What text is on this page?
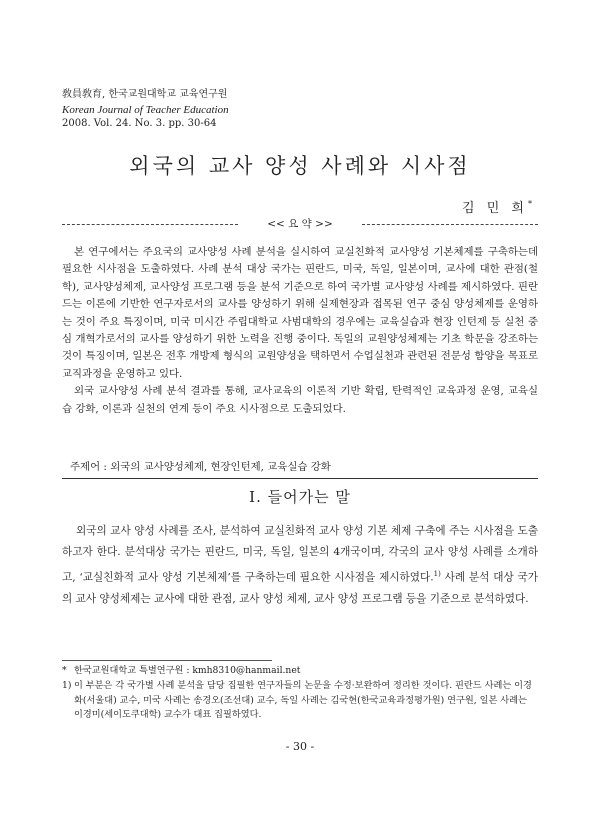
敎員敎育, 한국교원대학교 교육연구원
Korean Journal of Teacher Education
2008. Vol. 24. No. 3. pp. 30-64
외국의 교사 양성 사례와 시사점
김 민 희*
<< 요 약 >>

본 연구에서는 주요국의 교사양성 사례 분석을 실시하여 교실친화적 교사양성 기본체제를 구축하는데 필요한 시사점을 도출하였다. 사례 분석 대상 국가는 핀란드, 미국, 독일, 일본이며, 교사에 대한 관점(철학), 교사양성체제, 교사양성 프로그램 등을 분석 기준으로 하여 국가별 교사양성 사례를 제시하였다. 핀란드는 이론에 기반한 연구자로서의 교사를 양성하기 위해 실제현장과 접목된 연구 중심 양성체제를 운영하는 것이 주요 특징이며, 미국 미시간 주립대학교 사범대학의 경우에는 교육실습과 현장 인턴제 등 실천 중심 개혁가로서의 교사를 양성하기 위한 노력을 진행 중이다. 독일의 교원양성체제는 기초 학문을 강조하는 것이 특징이며, 일본은 전후 개방제 형식의 교원양성을 택하면서 수업실천과 관련된 전문성 함양을 목표로 교직과정을 운영하고 있다.

외국 교사양성 사례 분석 결과를 통해, 교사교육의 이론적 기반 확립, 탄력적인 교육과정 운영, 교육실습 강화, 이론과 실천의 연계 등이 주요 시사점으로 도출되었다.

주제어 : 외국의 교사양성체제, 현장인턴제, 교육실습 강화
Ⅰ. 들어가는 말

외국의 교사 양성 사례를 조사, 분석하여 교실친화적 교사 양성 기본 체제 구축에 주는 시사점을 도출하고자 한다. 분석대상 국가는 핀란드, 미국, 독일, 일본의 4개국이며, 각국의 교사 양성 사례를 소개하고, ‘교실친화적 교사 양성 기본체제’를 구축하는데 필요한 시사점을 제시하였다.$^{1)}$ 사례 분석 대상 국가의 교사 양성체제는 교사에 대한 관점, 교사 양성 체제, 교사 양성 프로그램 등을 기준으로 분석하였다.

* 한국교원대학교 특별연구원 : kmh8310@hanmail.net
1) 이 부분은 각 국가별 사례 분석을 담당 집필한 연구자들의 논문을 수정·보완하여 정리한 것이다. 핀란드 사례는 이경화(서울대) 교수, 미국 사례는 송경오(조선대) 교수, 독일 사례는 김국현(한국교육과정평가원) 연구원, 일본 사례는 이경미(세이도쿠대학) 교수가 대표 집필하였다.
- 30 -
